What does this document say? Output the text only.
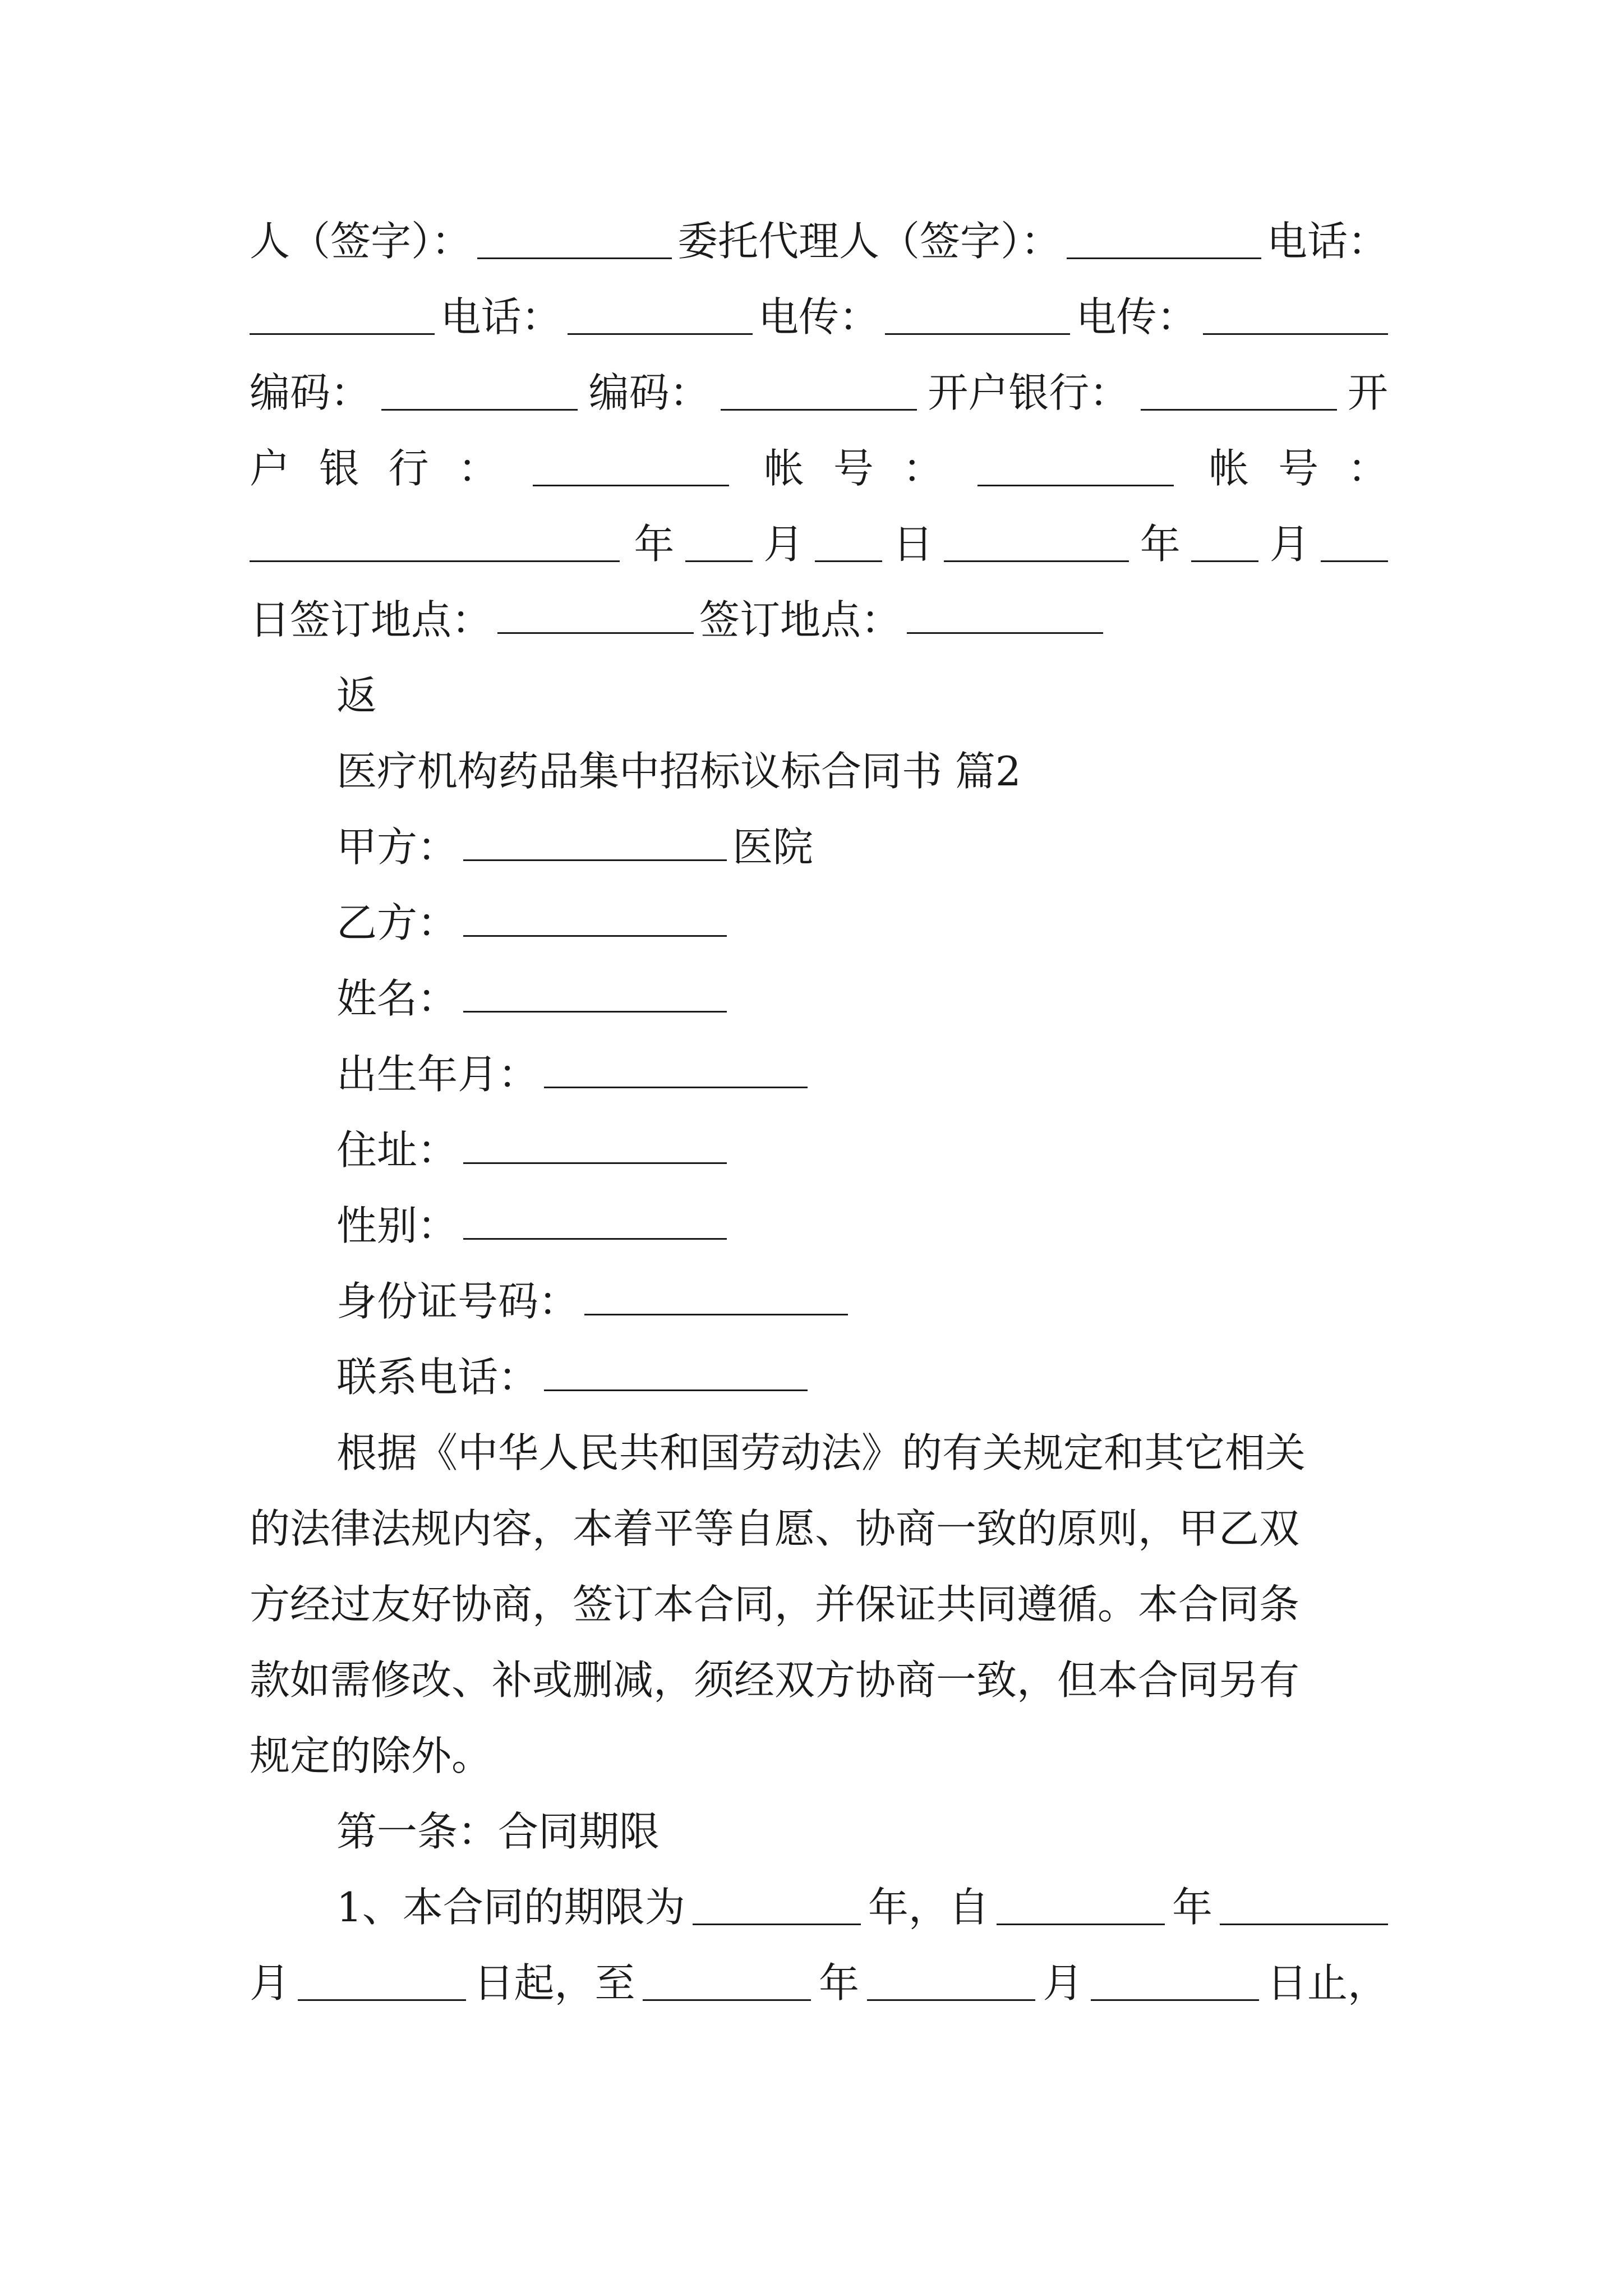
人（签字）：	委托代理人（签字）：	电话：
电话：	电传：	电传：
编码：	编码：	开户银行：	开
户 银 行 ：	帐 号 ：	帐 号 ：
年 月 日	年 月
日签订地点：	签订地点：
返
医疗机构药品集中招标议标合同书 篇2
甲方：	医院
乙方：
姓名：
出生年月：
住址：
性别：
身份证号码：
联系电话：
根据《中华人民共和国劳动法》的有关规定和其它相关
的法律法规内容，本着平等自愿、协商一致的原则，甲乙双
方经过友好协商，签订本合同，并保证共同遵循。本合同条
款如需修改、补或删减，须经双方协商一致，但本合同另有
规定的除外。
第一条：合同期限
1、本合同的期限为	年，自	年
月	日起，至	年	月	日止，
